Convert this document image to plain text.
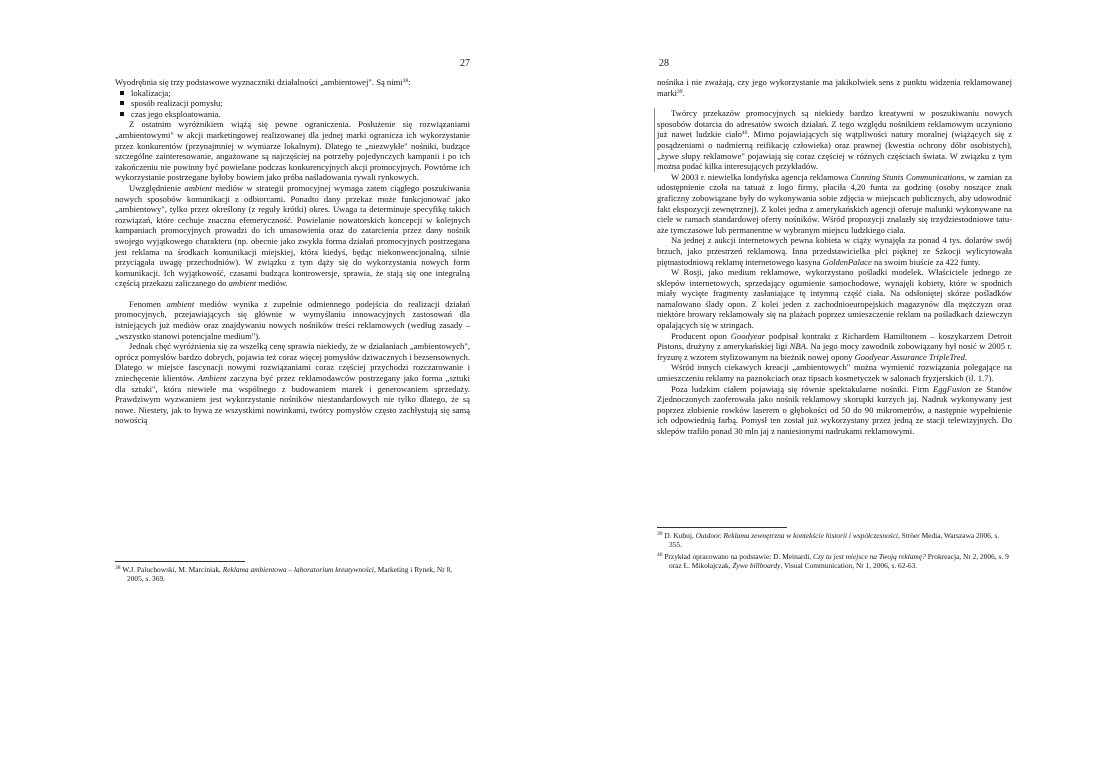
27

Wyodrębnia się trzy podstawowe wyznaczniki działalności „ambientowej". Są nimi$^{38}$:

lokalizacja;
sposób realizacji pomysłu;
czas jego eksploatowania.

Z ostatnim wyróżnikiem wiążą się pewne ograniczenia. Posłużenie się rozwiązaniami „ambientowymi" w akcji marketingowej realizowanej dla jednej marki ogranicza ich wykorzystanie przez konkurentów (przynajmniej w wymiarze lokalnym). Dlatego te „niezwykłe" nośniki, budzące szczególne zainteresowanie, angażowane są najczęściej na potrzeby pojedynczych kampanii i po ich zakończeniu nie powinny być powielane podczas konkurencyjnych akcji promocyjnych. Powtórne ich wykorzystanie postrzegane byłoby bowiem jako próba naśladowania rywali rynkowych.

Uwzględnienie ambient mediów w strategii promocyjnej wymaga zatem ciągłego poszukiwania nowych sposobów komunikacji z odbiorcami. Ponadto dany przekaz może funkcjonować jako „ambientowy", tylko przez określony (z reguły krótki) okres. Uwaga ta determinuje specyfikę takich rozwiązań, które cechuje znaczna efemeryczność. Powielanie nowatorskich koncepcji w kolejnych kampaniach promocyjnych prowadzi do ich umasowienia oraz do zatarcienia przez dany nośnik swojego wyjątkowego charakteru (np. obecnie jako zwykła forma działań promocyjnych postrzegana jest reklama na środkach komunikacji miejskiej, która kiedyś, będąc niekonwencjonalną, silnie przyciągała uwagę przechodniów). W związku z tym dąży się do wykorzystania nowych form komunikacji. Ich wyjątkowość, czasami budząca kontrowersje, sprawia, że stają się one integralną częścią przekazu zaliczanego do ambient mediów.

Fenomen ambient mediów wynika z zupełnie odmiennego podejścia do realizacji działań promocyjnych, przejawiających się głównie w wymyślaniu innowacyjnych zastosowań dla istniejących już mediów oraz znajdywaniu nowych nośników treści reklamowych (według zasady – „wszystko stanowi potencjalne medium").

Jednak chęć wyróżnienia się za wszelką cenę sprawia niekiedy, że w działaniach „ambientowych", oprócz pomysłów bardzo dobrych, pojawia też coraz więcej pomysłów dziwacznych i bezsensownych. Dlatego w miejsce fascynacji nowymi rozwiązaniami coraz częściej przychodzi rozczarowanie i zniechęcenie klientów. Ambient zaczyna być przez reklamodawców postrzegany jako forma „sztuki dla sztuki", która niewiele ma wspólnego z budowaniem marek i generowaniem sprzedaży. Prawdziwym wyzwaniem jest wykorzystanie nośników niestandardowych nie tylko dlatego, że są nowe. Niestety, jak to bywa ze wszystkimi nowinkami, twórcy pomysłów często zachłystują się samą nowością

$^{38}$ W.J. Paluchowski, M. Marciniak, Reklama ambientowa – laboratorium kreatywności, Marketing i Rynek, Nr 8, 2005, s. 369.

28

nośnika i nie zważają, czy jego wykorzystanie ma jakikolwiek sens z punktu widzenia reklamowanej marki$^{39}$.

Twórcy przekazów promocyjnych są niekiedy bardzo kreatywni w poszukiwaniu nowych sposobów dotarcia do adresatów swoich działań. Z tego względu nośnikiem reklamowym uczyniono już nawet ludzkie ciało$^{40}$. Mimo pojawiających się wątpliwości natury moralnej (wiążących się z posądzeniami o nadmierną reifikację człowieka) oraz prawnej (kwestia ochrony dóbr osobistych), „żywe słupy reklamowe" pojawiają się coraz częściej w różnych częściach świata. W związku z tym można podać kilka interesujących przykładów.

W 2003 r. niewielka londyńska agencja reklamowa Cunning Stunts Communications, w zamian za udostępnienie czoła na tatuaż z logo firmy, płaciła 4,20 funta za godzinę (osoby noszące znak graficzny zobowiązane były do wykonywania sobie zdjęcia w miejscach publicznych, aby udowodnić fakt ekspozycji zewnętrznej). Z kolei jedna z amerykańskich agencji oferuje malunki wykonywane na ciele w ramach standardowej oferty nośników. Wśród propozycji znalazły się trzydziestodniowe tatuaże tymczasowe lub permanentne w wybranym miejscu ludzkiego ciała.

Na jednej z aukcji internetowych pewna kobieta w ciąży wynajęła za ponad 4 tys. dolarów swój brzuch, jako przestrzeń reklamową. Inna przedstawicielka płci pięknej ze Szkocji wylicytowała piętnastodniową reklamę internetowego kasyna GoldenPalace na swoim biuście za 422 funty.

W Rosji, jako medium reklamowe, wykorzystano pośladki modelek. Właściciele jednego ze sklepów internetowych, sprzedający ogumienie samochodowe, wynajęli kobiety, które w spodnich miały wycięte fragmenty zasłaniające tę intymną część ciała. Na odsłoniętej skórze pośladków namalowano ślady opon. Z kolei jeden z zachodnioeuropejskich magazynów dla mężczyzn oraz niektóre browary reklamowały się na plażach poprzez umieszczenie reklam na pośladkach dziewczyn opalających się w stringach.

Producent opon Goodyear podpisał kontrakt z Richardem Hamiltonem – koszykarzem Detroit Pistons, drużyny z amerykańskiej ligi NBA. Na jego mocy zawodnik zobowiązany był nosić w 2005 r. fryzurę z wzorem stylizowanym na bieżnik nowej opony Goodyear Assurance TripleTred.

Wśród innych ciekawych kreacji „ambientowych" można wymienić rozwiązania polegające na umieszczeniu reklamy na paznokciach oraz tipsach kosmetyczek w salonach fryzjerskich (il. 1.7).

Poza ludzkim ciałem pojawiają się równie spektakularne nośniki. Firm EggFusion ze Stanów Zjednoczonych zaoferowała jako nośnik reklamowy skorupki kurzych jaj. Nadruk wykonywany jest poprzez złobienie rowków laserem o głębokości od 50 do 90 mikrometrów, a następnie wypełnienie ich odpowiednią farbą. Pomysł ten został już wykorzystany przez jedną ze stacji telewizyjnych. Do sklepów trafiło ponad 30 mln jaj z naniesionymi nadrukami reklamowymi.

$^{39}$ D. Kubuj, Outdoor. Reklama zewnętrzna w kontekście historii i współczesności, Ströer Media, Warszawa 2006, s. 355.

$^{40}$ Przykład opracowano na podstawie: D. Meinardi, Czy tu jest miejsce na Twoją reklamę? Prokreacja, Nr 2, 2006, s. 9 oraz Ł. Mikołajczak, Żywe billboardy, Visual Communication, Nr 1, 2006, s. 62-63.
